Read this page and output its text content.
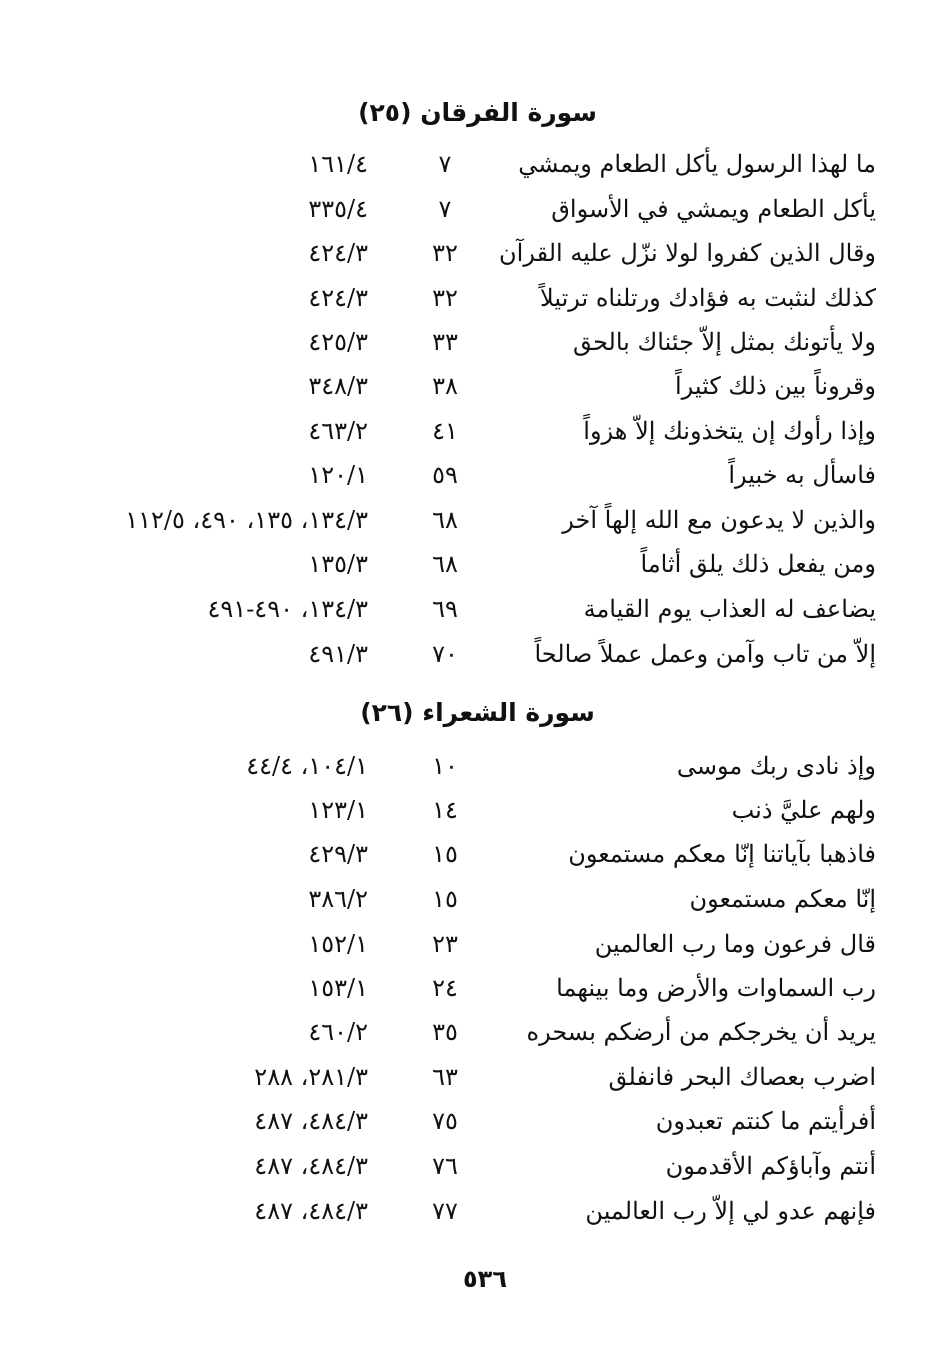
سورة الفرقان (٢٥)
ما لهذا الرسول يأكل الطعام ويمشي
٧
١٦١/٤
يأكل الطعام ويمشي في الأسواق
٧
٣٣٥/٤
وقال الذين كفروا لولا نزّل عليه القرآن
٣٢
٤٢٤/٣
كذلك لنثبت به فؤادك ورتلناه ترتيلاً
٣٢
٤٢٤/٣
ولا يأتونك بمثل إلاّ جئناك بالحق
٣٣
٤٢٥/٣
وقروناً بين ذلك كثيراً
٣٨
٣٤٨/٣
وإذا رأوك إن يتخذونك إلاّ هزواً
٤١
٤٦٣/٢
فاسأل به خبيراً
٥٩
١٢٠/١
والذين لا يدعون مع الله إلهاً آخر
٦٨
١٣٤/٣، ١٣٥، ٤٩٠، ١١٢/٥
ومن يفعل ذلك يلق أثاماً
٦٨
١٣٥/٣
يضاعف له العذاب يوم القيامة
٦٩
١٣٤/٣، ٤٩٠-٤٩١
إلاّ من تاب وآمن وعمل عملاً صالحاً
٧٠
٤٩١/٣
سورة الشعراء (٢٦)
وإذ نادى ربك موسى
١٠
١٠٤/١، ٤٤/٤
ولهم عليَّ ذنب
١٤
١٢٣/١
فاذهبا بآياتنا إنّا معكم مستمعون
١٥
٤٢٩/٣
إنّا معكم مستمعون
١٥
٣٨٦/٢
قال فرعون وما رب العالمين
٢٣
١٥٢/١
رب السماوات والأرض وما بينهما
٢٤
١٥٣/١
يريد أن يخرجكم من أرضكم بسحره
٣٥
٤٦٠/٢
اضرب بعصاك البحر فانفلق
٦٣
٢٨١/٣، ٢٨٨
أفرأيتم ما كنتم تعبدون
٧٥
٤٨٤/٣، ٤٨٧
أنتم وآباؤكم الأقدمون
٧٦
٤٨٤/٣، ٤٨٧
فإنهم عدو لي إلاّ رب العالمين
٧٧
٤٨٤/٣، ٤٨٧
٥٣٦
